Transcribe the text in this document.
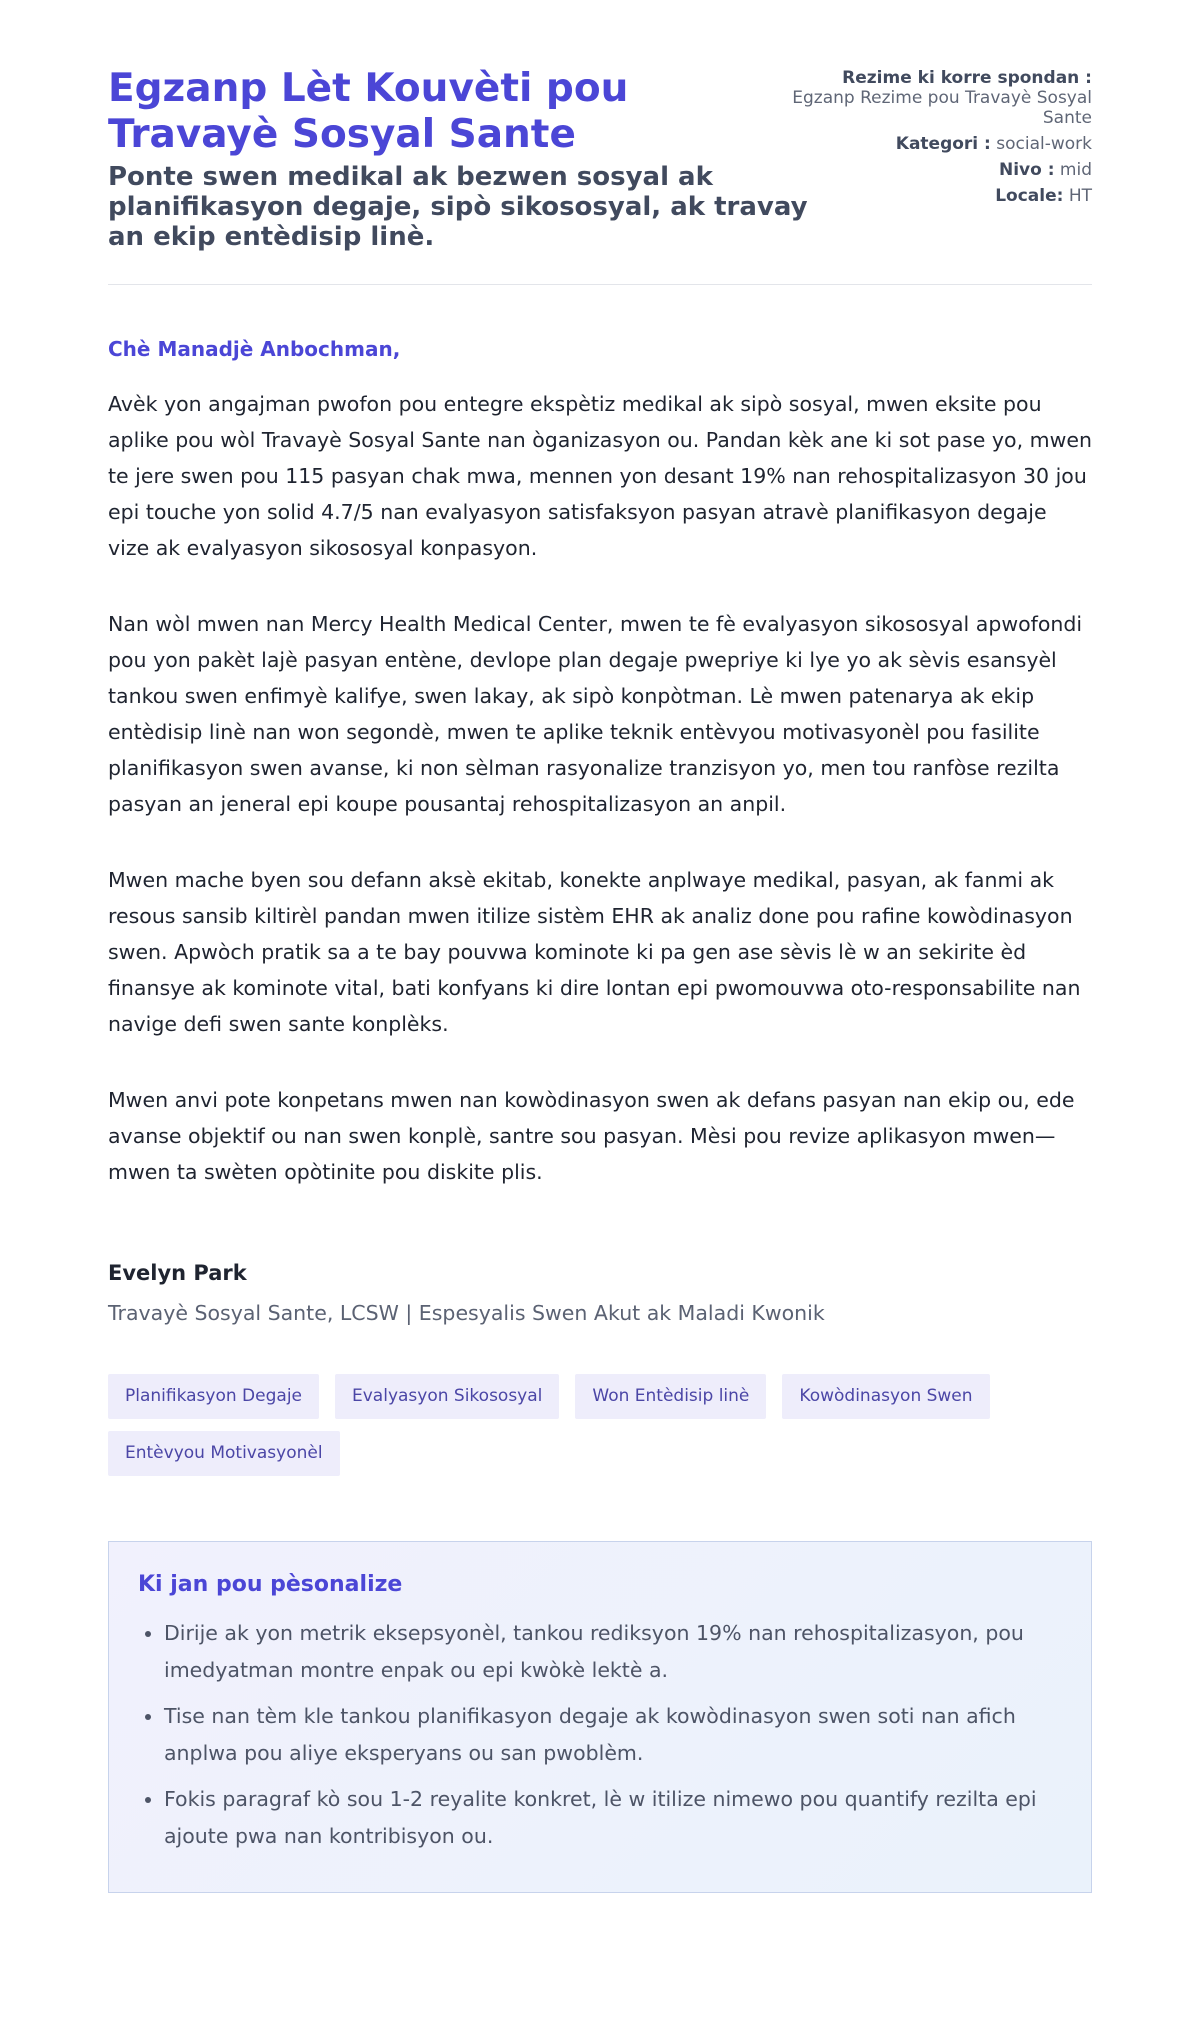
Egzanp Lèt Kouvèti pou Travayè Sosyal Sante
Ponte swen medikal ak bezwen sosyal ak planifikasyon degaje, sipò sikososyal, ak travay an ekip entèdisip linè.
Rezime ki korre spondan :
Egzanp Rezime pou Travayè Sosyal Sante
Kategori : social-work
Nivo : mid
Locale: HT
Chè Manadjè Anbochman,

Avèk yon angajman pwofon pou entegre ekspètiz medikal ak sipò sosyal, mwen eksite pou aplike pou wòl Travayè Sosyal Sante nan òganizasyon ou. Pandan kèk ane ki sot pase yo, mwen te jere swen pou 115 pasyan chak mwa, mennen yon desant 19% nan rehospitalizasyon 30 jou epi touche yon solid 4.7/5 nan evalyasyon satisfaksyon pasyan atravè planifikasyon degaje vize ak evalyasyon sikososyal konpasyon.

Nan wòl mwen nan Mercy Health Medical Center, mwen te fè evalyasyon sikososyal apwofondi pou yon pakèt lajè pasyan entène, devlope plan degaje pwepriye ki lye yo ak sèvis esansyèl tankou swen enfimyè kalifye, swen lakay, ak sipò konpòtman. Lè mwen patenarya ak ekip entèdisip linè nan won segondè, mwen te aplike teknik entèvyou motivasyonèl pou fasilite planifikasyon swen avanse, ki non sèlman rasyonalize tranzisyon yo, men tou ranfòse rezilta pasyan an jeneral epi koupe pousantaj rehospitalizasyon an anpil.

Mwen mache byen sou defann aksè ekitab, konekte anplwaye medikal, pasyan, ak fanmi ak resous sansib kiltirèl pandan mwen itilize sistèm EHR ak analiz done pou rafine kowòdinasyon swen. Apwòch pratik sa a te bay pouvwa kominote ki pa gen ase sèvis lè w an sekirite èd finansye ak kominote vital, bati konfyans ki dire lontan epi pwomouvwa oto-responsabilite nan navige defi swen sante konplèks.

Mwen anvi pote konpetans mwen nan kowòdinasyon swen ak defans pasyan nan ekip ou, ede avanse objektif ou nan swen konplè, santre sou pasyan. Mèsi pou revize aplikasyon mwen—mwen ta swèten opòtinite pou diskite plis.

Evelyn Park
Travayè Sosyal Sante, LCSW | Espesyalis Swen Akut ak Maladi Kwonik
Planifikasyon Degaje	Evalyasyon Sikososyal	Won Entèdisip linè	Kowòdinasyon Swen
Entèvyou Motivasyonèl
Ki jan pou pèsonalize
• Dirije ak yon metrik eksepsyonèl, tankou rediksyon 19% nan rehospitalizasyon, pou imedyatman montre enpak ou epi kwòkè lektè a.
• Tise nan tèm kle tankou planifikasyon degaje ak kowòdinasyon swen soti nan afich anplwa pou aliye eksperyans ou san pwoblèm.
• Fokis paragraf kò sou 1-2 reyalite konkret, lè w itilize nimewo pou quantify rezilta epi ajoute pwa nan kontribisyon ou.
